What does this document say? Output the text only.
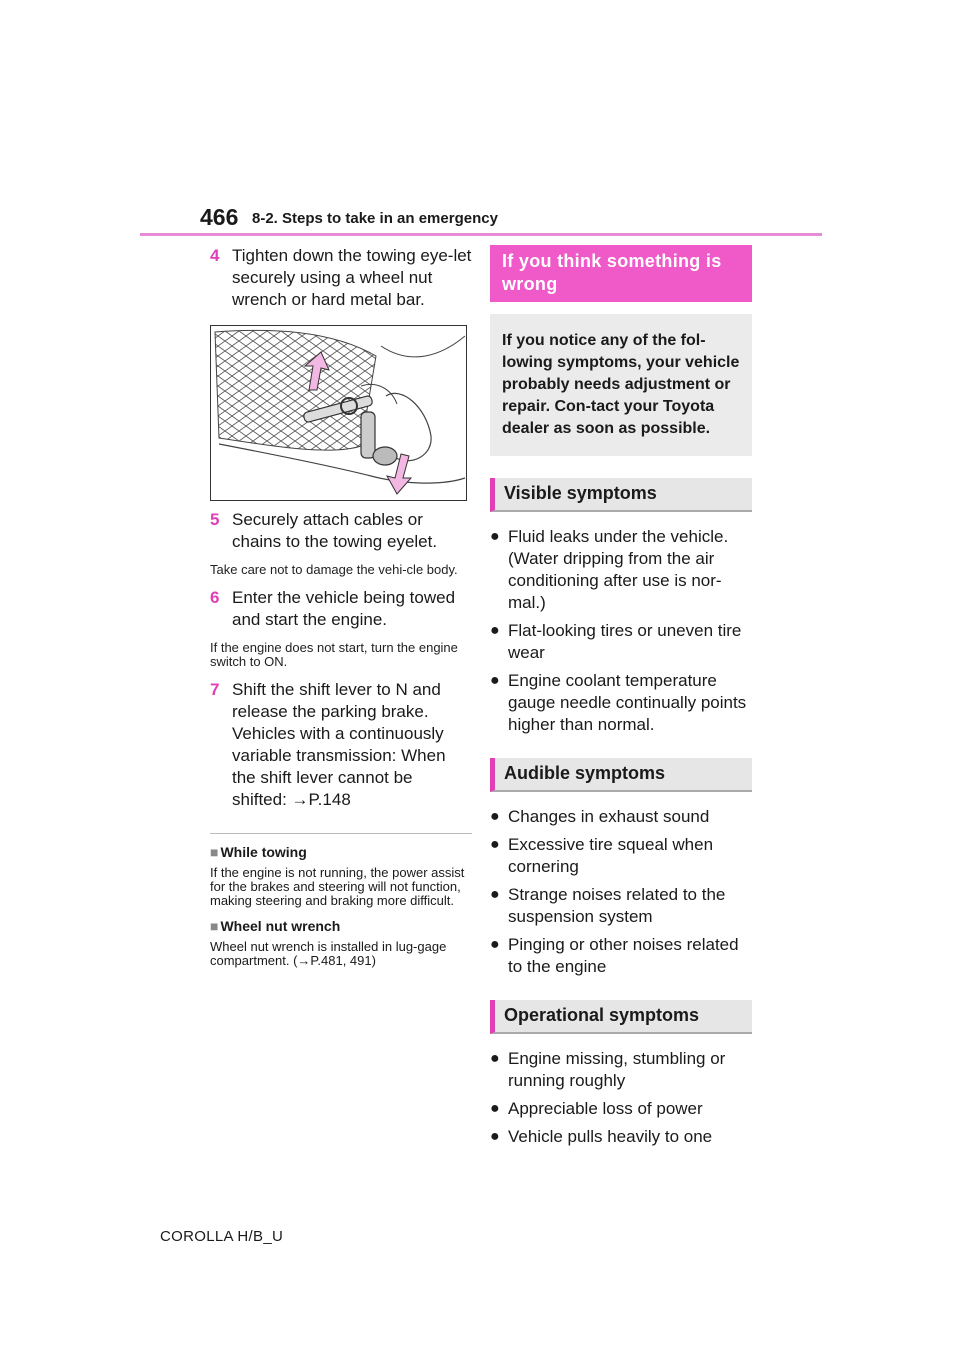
466 8-2. Steps to take in an emergency

4 Tighten down the towing eye-let securely using a wheel nut wrench or hard metal bar.

5 Securely attach cables or chains to the towing eyelet.

Take care not to damage the vehi-cle body.

6 Enter the vehicle being towed and start the engine.

If the engine does not start, turn the engine switch to ON.

7 Shift the shift lever to N and release the parking brake. Vehicles with a continuously variable transmission: When the shift lever cannot be shifted: →P.148

■ While towing

If the engine is not running, the power assist for the brakes and steering will not function, making steering and braking more difficult.

■ Wheel nut wrench

Wheel nut wrench is installed in lug-gage compartment. (→P.481, 491)

If you think something is wrong
If you notice any of the fol-lowing symptoms, your vehicle probably needs adjustment or repair. Con-tact your Toyota dealer as soon as possible.
Visible symptoms

● Fluid leaks under the vehicle. (Water dripping from the air conditioning after use is nor-mal.)

● Flat-looking tires or uneven tire wear

● Engine coolant temperature gauge needle continually points higher than normal.

Audible symptoms

● Changes in exhaust sound

● Excessive tire squeal when cornering

● Strange noises related to the suspension system

● Pinging or other noises related to the engine

Operational symptoms

● Engine missing, stumbling or running roughly

● Appreciable loss of power

● Vehicle pulls heavily to one

COROLLA H/B_U
